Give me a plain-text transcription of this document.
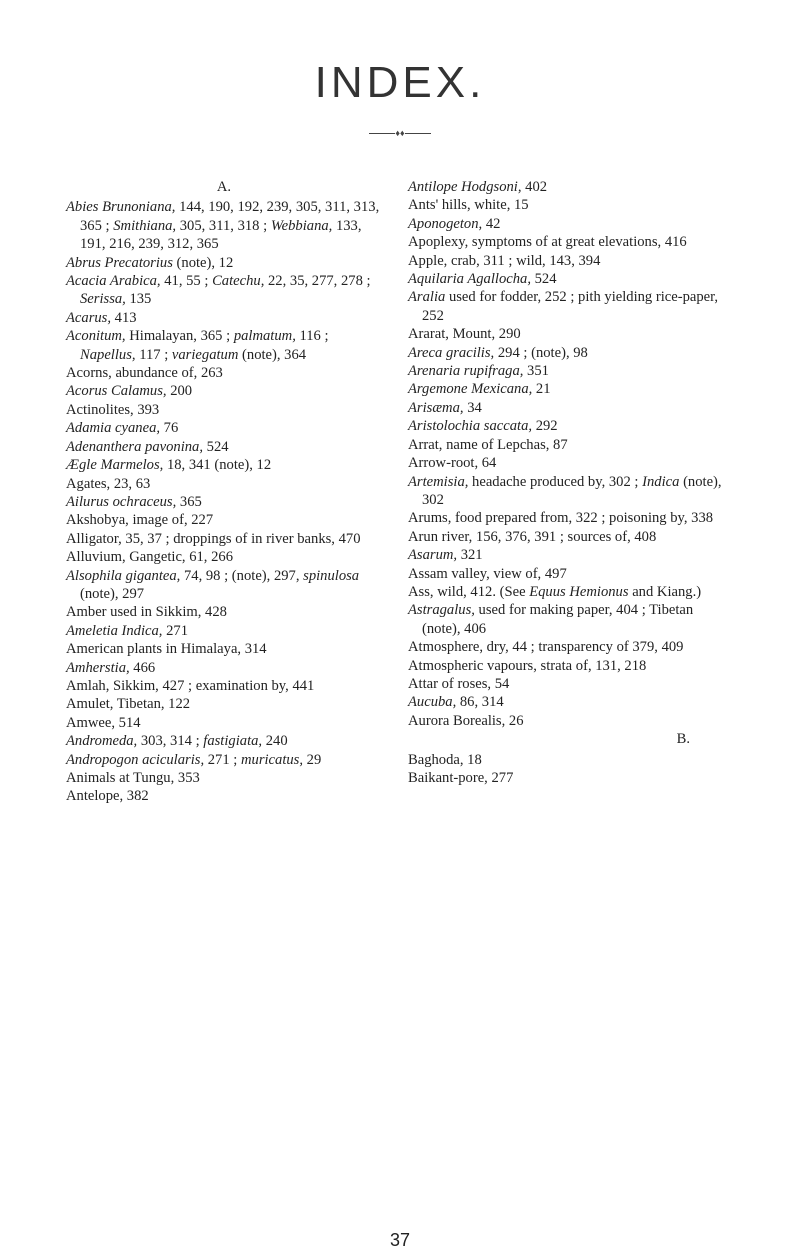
INDEX.
♦♦
A.

Abies Brunoniana, 144, 190, 192, 239, 305, 311, 313, 365 ; Smithiana, 305, 311, 318 ; Webbiana, 133, 191, 216, 239, 312, 365

Abrus Precatorius (note), 12

Acacia Arabica, 41, 55 ; Catechu, 22, 35, 277, 278 ; Serissa, 135

Acarus, 413

Aconitum, Himalayan, 365 ; palmatum, 116 ; Napellus, 117 ; variegatum (note), 364

Acorns, abundance of, 263

Acorus Calamus, 200

Actinolites, 393

Adamia cyanea, 76

Adenanthera pavonina, 524

Ægle Marmelos, 18, 341 (note), 12

Agates, 23, 63

Ailurus ochraceus, 365

Akshobya, image of, 227

Alligator, 35, 37 ; droppings of in river banks, 470

Alluvium, Gangetic, 61, 266

Alsophila gigantea, 74, 98 ; (note), 297, spinulosa (note), 297

Amber used in Sikkim, 428

Ameletia Indica, 271

American plants in Himalaya, 314

Amherstia, 466

Amlah, Sikkim, 427 ; examination by, 441

Amulet, Tibetan, 122

Amwee, 514

Andromeda, 303, 314 ; fastigiata, 240

Andropogon acicularis, 271 ; muricatus, 29

Animals at Tungu, 353

Antelope, 382

Antilope Hodgsoni, 402

Ants' hills, white, 15

Aponogeton, 42

Apoplexy, symptoms of at great elevations, 416

Apple, crab, 311 ; wild, 143, 394

Aquilaria Agallocha, 524

Aralia used for fodder, 252 ; pith yielding rice-paper, 252

Ararat, Mount, 290

Areca gracilis, 294 ; (note), 98

Arenaria rupifraga, 351

Argemone Mexicana, 21

Arisæma, 34

Aristolochia saccata, 292

Arrat, name of Lepchas, 87

Arrow-root, 64

Artemisia, headache produced by, 302 ; Indica (note), 302

Arums, food prepared from, 322 ; poisoning by, 338

Arun river, 156, 376, 391 ; sources of, 408

Asarum, 321

Assam valley, view of, 497

Ass, wild, 412. (See Equus Hemionus and Kiang.)

Astragalus, used for making paper, 404 ; Tibetan (note), 406

Atmosphere, dry, 44 ; transparency of 379, 409

Atmospheric vapours, strata of, 131, 218

Attar of roses, 54

Aucuba, 86, 314

Aurora Borealis, 26

B.

Baghoda, 18

Baikant-pore, 277

37
